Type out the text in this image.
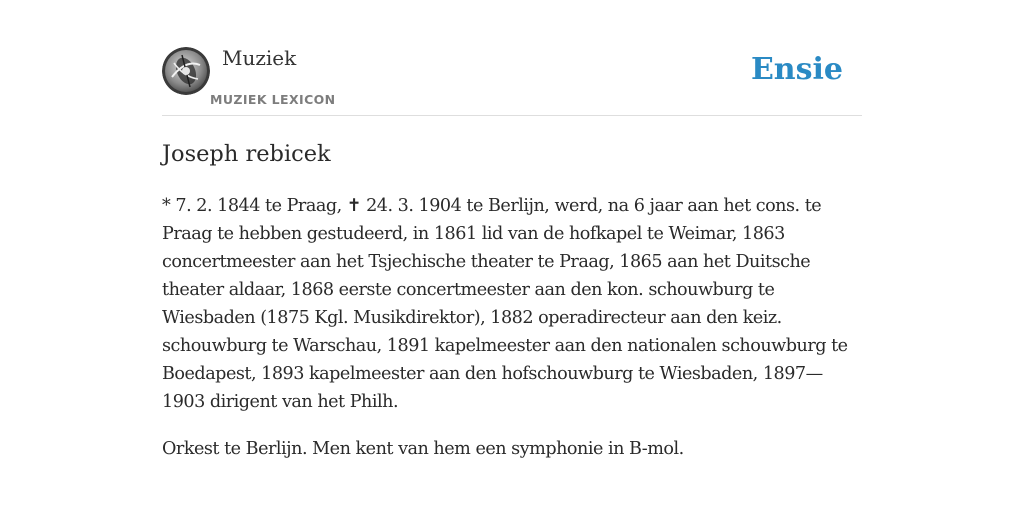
Muziek
MUZIEK LEXICON
Ensie
Joseph rebicek

* 7. 2. 1844 te Praag, ✝ 24. 3. 1904 te Berlijn, werd, na 6 jaar aan het cons. te Praag te hebben gestudeerd, in 1861 lid van de hofkapel te Weimar, 1863 concertmeester aan het Tsjechische theater te Praag, 1865 aan het Duitsche theater aldaar, 1868 eerste concertmeester aan den kon. schouwburg te Wiesbaden (1875 Kgl. Musikdirektor), 1882 operadirecteur aan den keiz. schouwburg te Warschau, 1891 kapelmeester aan den nationalen schouwburg te Boedapest, 1893 kapelmeester aan den hofschouwburg te Wiesbaden, 1897—1903 dirigent van het Philh.

Orkest te Berlijn. Men kent van hem een symphonie in B-mol.
